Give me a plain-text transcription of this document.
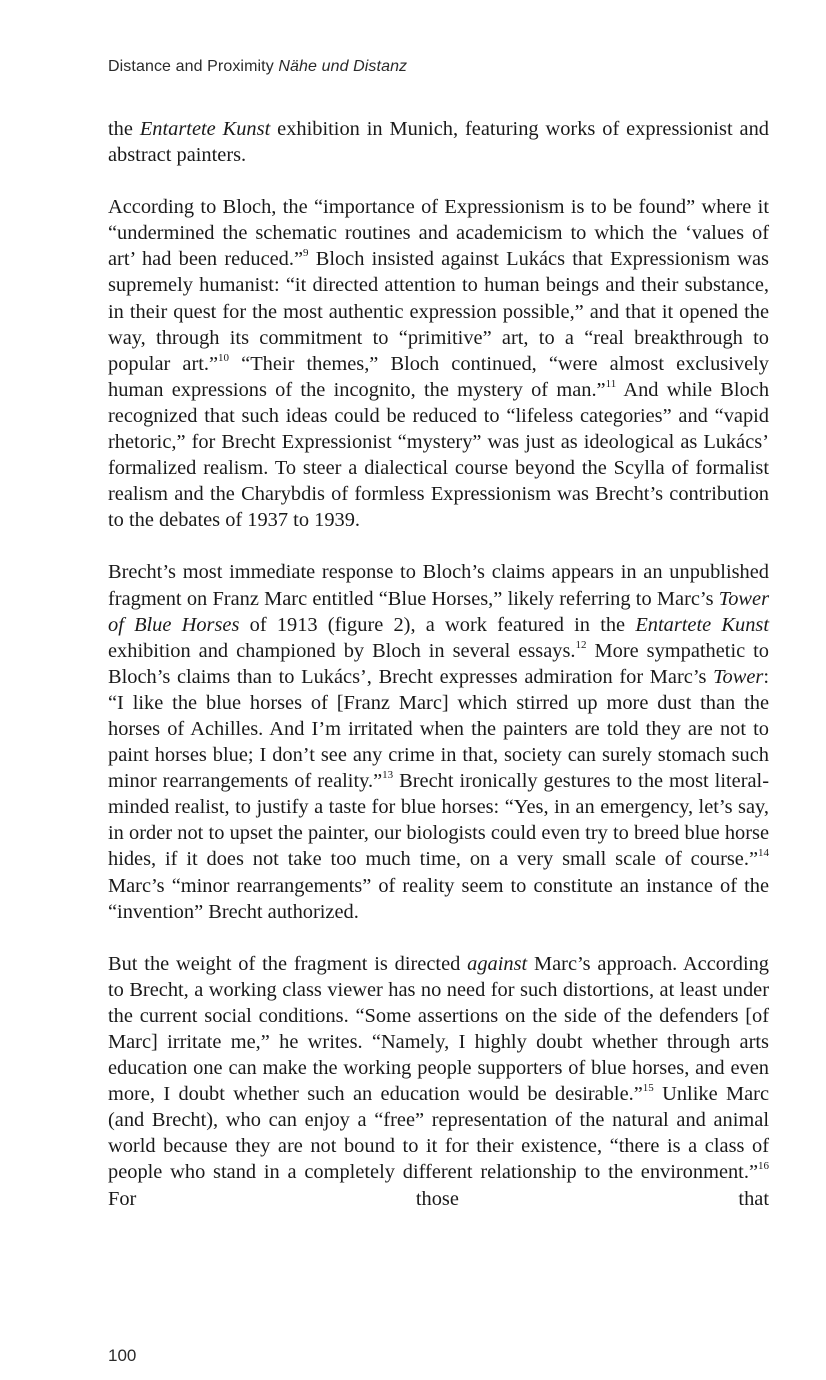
Distance and Proximity Nähe und Distanz

the Entartete Kunst exhibition in Munich, featuring works of expressionist and abstract painters.

According to Bloch, the “importance of Expressionism is to be found” where it “undermined the schematic routines and academicism to which the ‘values of art’ had been reduced.”$^9$ Bloch insisted against Lukács that Expressionism was supremely humanist: “it directed attention to human beings and their substance, in their quest for the most authentic expression possible,” and that it opened the way, through its commitment to “primitive” art, to a “real breakthrough to popular art.”$^{10}$ “Their themes,” Bloch continued, “were almost exclusively human expressions of the incognito, the mystery of man.”$^{11}$ And while Bloch recognized that such ideas could be reduced to “lifeless categories” and “vapid rhetoric,” for Brecht Expressionist “mystery” was just as ideological as Lukács’ formalized realism. To steer a dialectical course beyond the Scylla of formalist realism and the Charybdis of formless Expressionism was Brecht’s contribution to the debates of 1937 to 1939.

Brecht’s most immediate response to Bloch’s claims appears in an unpublished fragment on Franz Marc entitled “Blue Horses,” likely referring to Marc’s Tower of Blue Horses of 1913 (figure 2), a work featured in the Entartete Kunst exhibition and championed by Bloch in several essays.$^{12}$ More sympathetic to Bloch’s claims than to Lukács’, Brecht expresses admiration for Marc’s Tower: “I like the blue horses of [Franz Marc] which stirred up more dust than the horses of Achilles. And I’m irritated when the painters are told they are not to paint horses blue; I don’t see any crime in that, society can surely stomach such minor rearrangements of reality.”$^{13}$ Brecht ironically gestures to the most literal-minded realist, to justify a taste for blue horses: “Yes, in an emergency, let’s say, in order not to upset the painter, our biologists could even try to breed blue horse hides, if it does not take too much time, on a very small scale of course.”$^{14}$ Marc’s “minor rearrangements” of reality seem to constitute an instance of the “invention” Brecht authorized.

But the weight of the fragment is directed against Marc’s approach. According to Brecht, a working class viewer has no need for such distortions, at least under the current social conditions. “Some assertions on the side of the defenders [of Marc] irritate me,” he writes. “Namely, I highly doubt whether through arts education one can make the working people supporters of blue horses, and even more, I doubt whether such an education would be desirable.”$^{15}$ Unlike Marc (and Brecht), who can enjoy a “free” representation of the natural and animal world because they are not bound to it for their existence, “there is a class of people who stand in a completely different relationship to the environment.”$^{16}$ For those that

100
